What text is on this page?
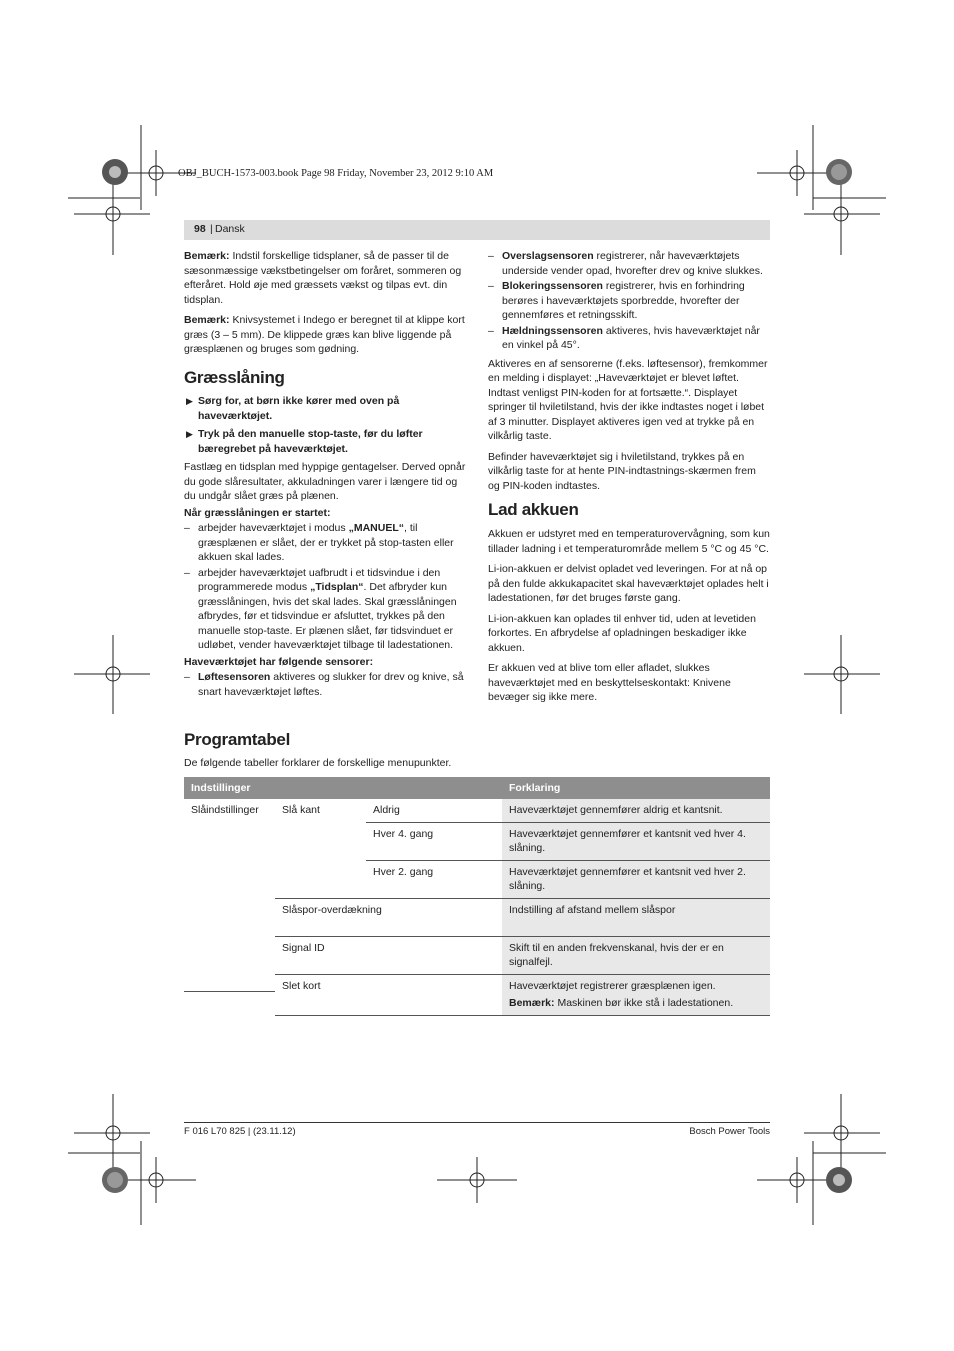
OBJ_BUCH-1573-003.book Page 98 Friday, November 23, 2012 9:10 AM
98 | Dansk

Bemærk: Indstil forskellige tidsplaner, så de passer til de sæsonmæssige vækstbetingelser om foråret, sommeren og efteråret. Hold øje med græssets vækst og tilpas evt. din tidsplan.

Bemærk: Knivsystemet i Indego er beregnet til at klippe kort græs (3 – 5 mm). De klippede græs kan blive liggende på græsplænen og bruges som gødning.

Græsslåning
▶ Sørg for, at børn ikke kører med oven på haveværktøjet.
▶ Tryk på den manuelle stop-taste, før du løfter bæregrebet på haveværktøjet.

Fastlæg en tidsplan med hyppige gentagelser. Derved opnår du gode slåresultater, akkuladningen varer i længere tid og du undgår slået græs på plænen.

Når græsslåningen er startet:

– arbejder haveværktøjet i modus „MANUEL“, til græsplænen er slået, der er trykket på stop-tasten eller akkuen skal lades.
– arbejder haveværktøjet uafbrudt i et tidsvindue i den programmerede modus „Tidsplan“. Det afbryder kun græsslåningen, hvis det skal lades. Skal græsslåningen afbrydes, før et tidsvindue er afsluttet, trykkes på den manuelle stop-taste. Er plænen slået, før tidsvinduet er udløbet, vender haveværktøjet tilbage til ladestationen.

Haveværktøjet har følgende sensorer:

– Løftesensoren aktiveres og slukker for drev og knive, så snart haveværktøjet løftes.
– Overslagsensoren registrerer, når haveværktøjets underside vender opad, hvorefter drev og knive slukkes.
– Blokeringssensoren registrerer, hvis en forhindring berøres i haveværktøjets sporbredde, hvorefter der gennemføres et retningsskift.
– Hældningssensoren aktiveres, hvis haveværktøjet når en vinkel på 45°.

Aktiveres en af sensorerne (f.eks. løftesensor), fremkommer en melding i displayet: „Haveværktøjet er blevet løftet. Indtast venligst PIN-koden for at fortsætte.“. Displayet springer til hviletilstand, hvis der ikke indtastes noget i løbet af 3 minutter. Displayet aktiveres igen ved at trykke på en vilkårlig taste.

Befinder haveværktøjet sig i hviletilstand, trykkes på en vilkårlig taste for at hente PIN-indtastnings-skærmen frem og PIN-koden indtastes.

Lad akkuen

Akkuen er udstyret med en temperaturovervågning, som kun tillader ladning i et temperaturområde mellem 5 °C og 45 °C.

Li-ion-akkuen er delvist opladet ved leveringen. For at nå op på den fulde akkukapacitet skal haveværktøjet oplades helt i ladestationen, før det bruges første gang.

Li-ion-akkuen kan oplades til enhver tid, uden at levetiden forkortes. En afbrydelse af opladningen beskadiger ikke akkuen.

Er akkuen ved at blive tom eller afladet, slukkes haveværktøjet med en beskyttelseskontakt: Knivene bevæger sig ikke mere.

Programtabel
De følgende tabeller forklarer de forskellige menupunkter.
Indstillinger			Forklaring
Slåindstillinger	Slå kant	Aldrig	Haveværktøjet gennemfører aldrig et kantsnit.
		Hver 4. gang	Haveværktøjet gennemfører et kantsnit ved hver 4. slåning.
		Hver 2. gang	Haveværktøjet gennemfører et kantsnit ved hver 2. slåning.
	Slåspor-overdækning		Indstilling af afstand mellem slåspor
	Signal ID		Skift til en anden frekvenskanal, hvis der er en signalfejl.
	Slet kort		Haveværktøjet registrerer græsplænen igen.
Bemærk: Maskinen bør ikke stå i ladestationen.
F 016 L70 825 | (23.11.12)	Bosch Power Tools
